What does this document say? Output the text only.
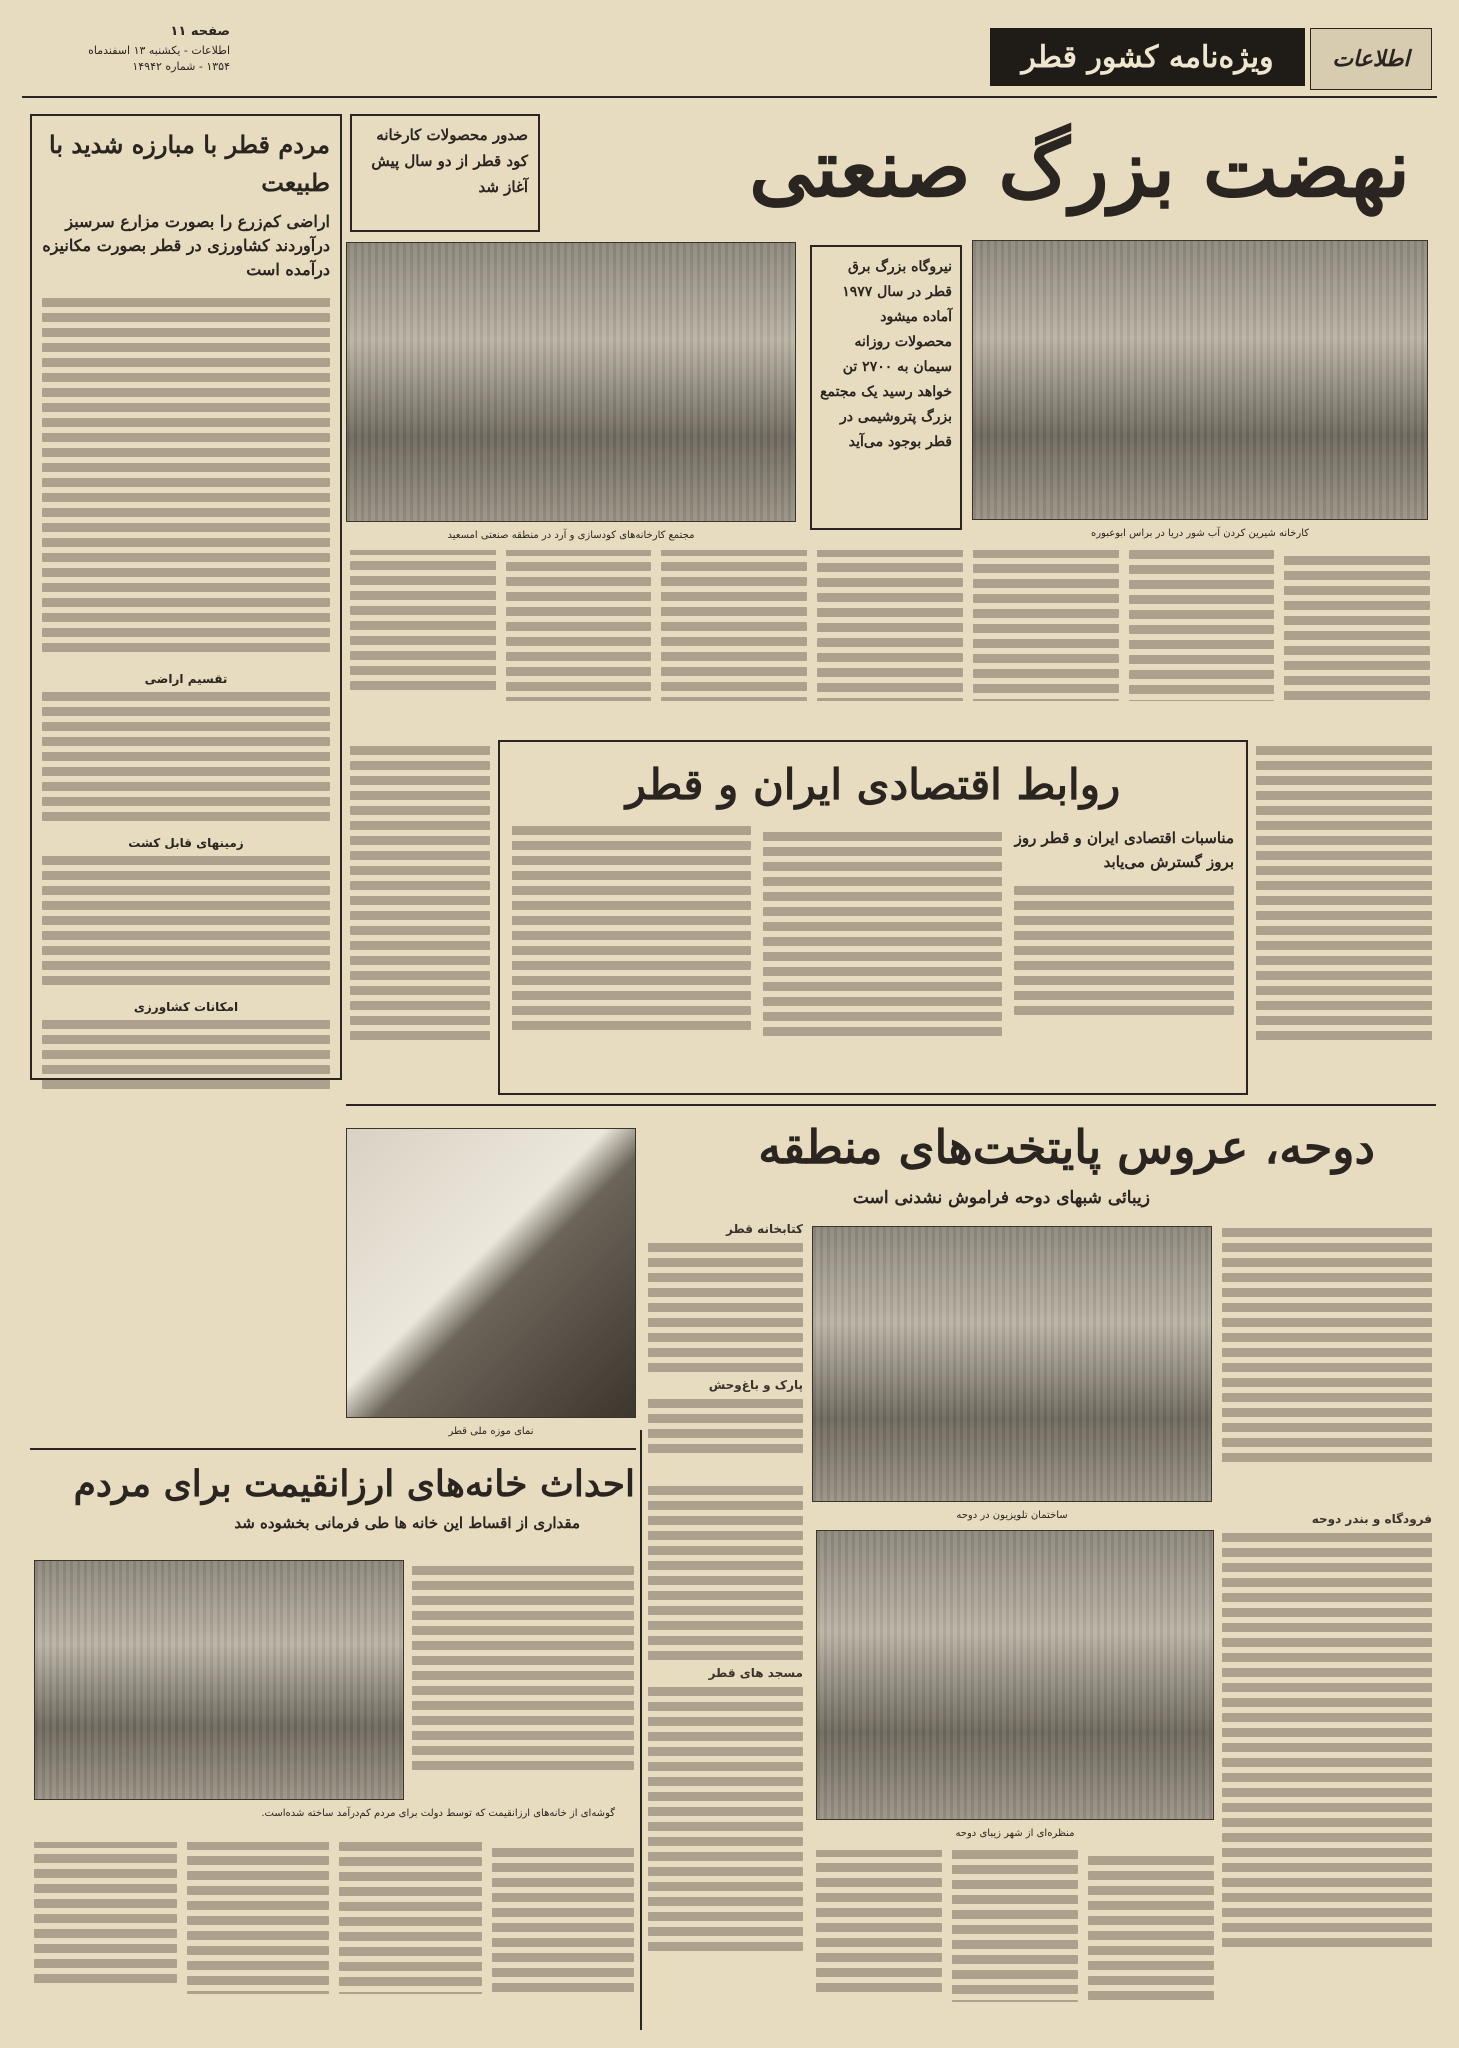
صفحه ۱۱
اطلاعات - یکشنبه ۱۳ اسفندماه
۱۳۵۴ - شماره ۱۴۹۴۲	ویژه‌نامه کشور قطر	اطلاعات
مردم قطر با مبارزه شدید با طبیعت
اراضی کم‌زرع را بصورت مزارع سرسبز درآوردند کشاورزی در قطر بصورت مکانیزه درآمده است
تقسیم اراضی
زمینهای قابل کشت
امکانات کشاورزی
صدور محصولات کارخانه کود قطر از دو سال پیش آغاز شد	نهضت بزرگ صنعتی
مجتمع کارخانه‌های کودسازی و آرد در منطقه صنعتی امسعید
نیروگاه بزرگ برق قطر در سال ۱۹۷۷ آماده میشود محصولات روزانه سیمان به ۲۷۰۰ تن خواهد رسید یک مجتمع بزرگ پتروشیمی در قطر بوجود می‌آید
کارخانه شیرین کردن آب شور دریا در براس ابوعبوره
روابط اقتصادی ایران و قطر
مناسبات اقتصادی ایران و قطر روز بروز گسترش می‌یابد
نمای موزه ملی قطر
دوحه، عروس پایتخت‌های منطقه
زیبائی شبهای دوحه فراموش نشدنی است
کتابخانه قطر
پارک و باغ‌وحش
ساختمان تلویزیون در دوحه
مسجد های قطر
منظره‌ای از شهر زیبای دوحه
فرودگاه و بندر دوحه
احداث خانه‌های ارزانقیمت برای مردم
مقداری از اقساط این خانه ها طی فرمانی بخشوده شد
گوشه‌ای از خانه‌های ارزانقیمت که توسط دولت برای مردم کم‌درآمد ساخته شده‌است.
